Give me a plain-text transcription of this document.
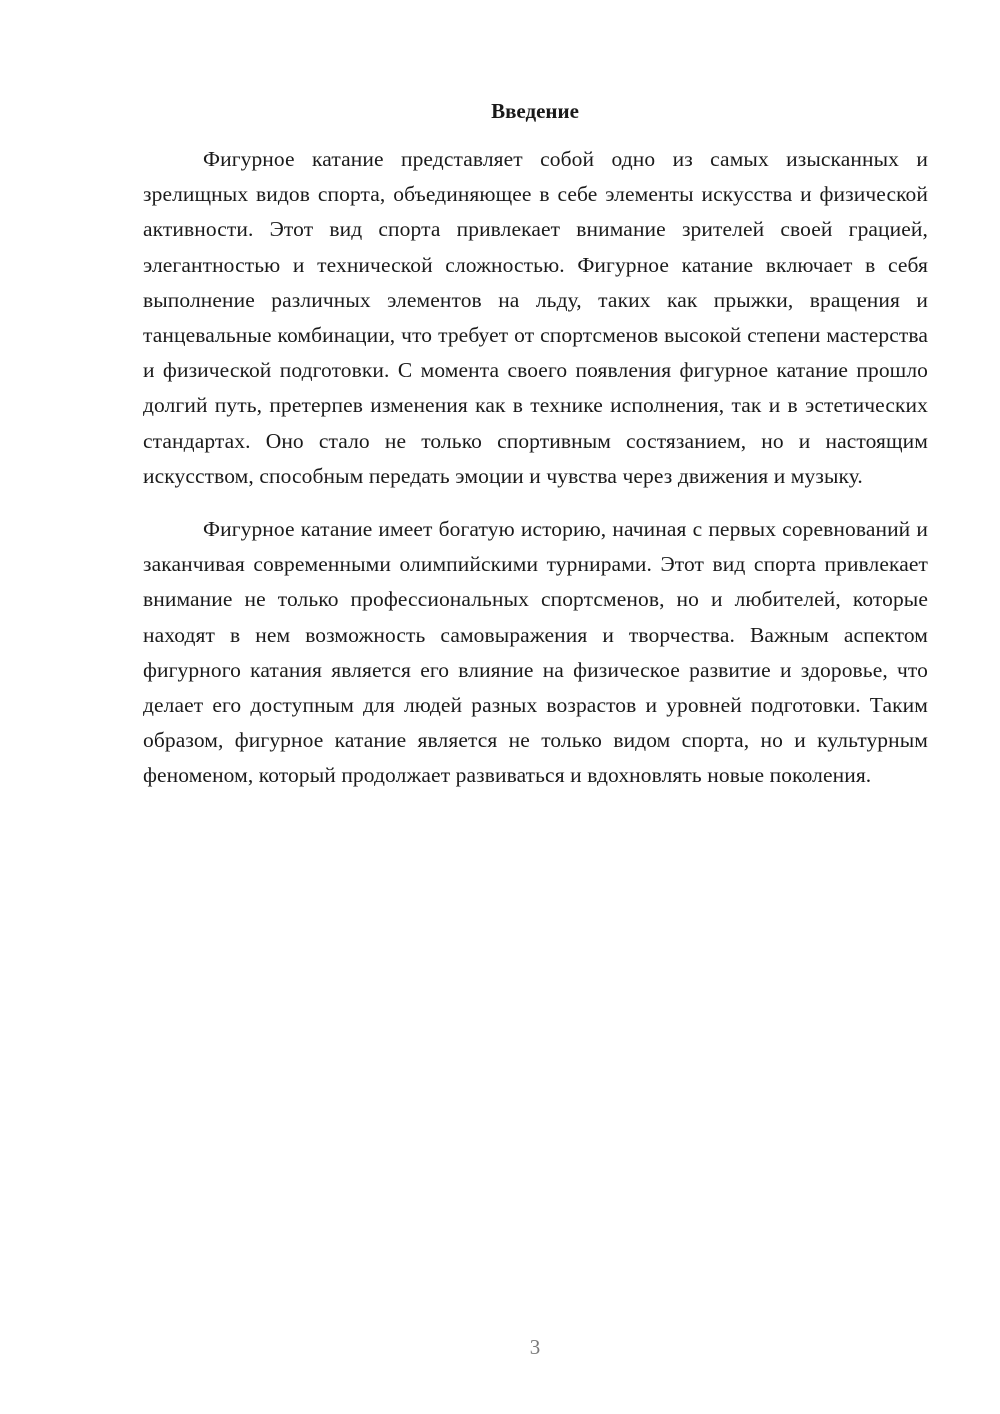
Введение

Фигурное катание представляет собой одно из самых изысканных и зрелищных видов спорта, объединяющее в себе элементы искусства и физической активности. Этот вид спорта привлекает внимание зрителей своей грацией, элегантностью и технической сложностью. Фигурное катание включает в себя выполнение различных элементов на льду, таких как прыжки, вращения и танцевальные комбинации, что требует от спортсменов высокой степени мастерства и физической подготовки. С момента своего появления фигурное катание прошло долгий путь, претерпев изменения как в технике исполнения, так и в эстетических стандартах. Оно стало не только спортивным состязанием, но и настоящим искусством, способным передать эмоции и чувства через движения и музыку.

Фигурное катание имеет богатую историю, начиная с первых соревнований и заканчивая современными олимпийскими турнирами. Этот вид спорта привлекает внимание не только профессиональных спортсменов, но и любителей, которые находят в нем возможность самовыражения и творчества. Важным аспектом фигурного катания является его влияние на физическое развитие и здоровье, что делает его доступным для людей разных возрастов и уровней подготовки. Таким образом, фигурное катание является не только видом спорта, но и культурным феноменом, который продолжает развиваться и вдохновлять новые поколения.

3
